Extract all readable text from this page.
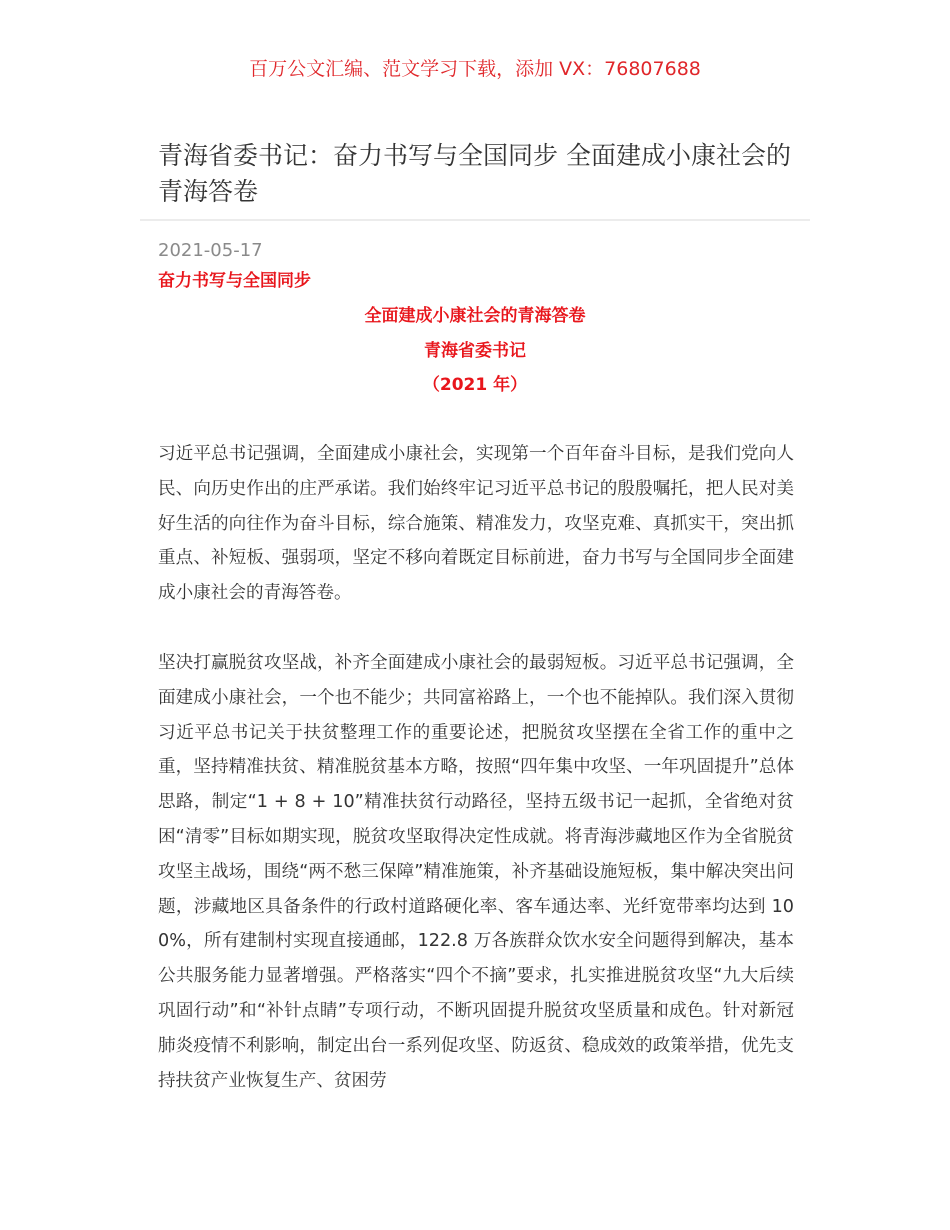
百万公文汇编、范文学习下载，添加 VX：76807688
青海省委书记：奋力书写与全国同步 全面建成小康社会的青海答卷
2021-05-17
奋力书写与全国同步
全面建成小康社会的青海答卷
青海省委书记
（2021 年）

习近平总书记强调，全面建成小康社会，实现第一个百年奋斗目标，是我们党向人民、向历史作出的庄严承诺。我们始终牢记习近平总书记的殷殷嘱托，把人民对美好生活的向往作为奋斗目标，综合施策、精准发力，攻坚克难、真抓实干，突出抓重点、补短板、强弱项，坚定不移向着既定目标前进，奋力书写与全国同步全面建成小康社会的青海答卷。

坚决打赢脱贫攻坚战，补齐全面建成小康社会的最弱短板。习近平总书记强调，全面建成小康社会，一个也不能少；共同富裕路上，一个也不能掉队。我们深入贯彻习近平总书记关于扶贫整理工作的重要论述，把脱贫攻坚摆在全省工作的重中之重，坚持精准扶贫、精准脱贫基本方略，按照“四年集中攻坚、一年巩固提升”总体思路，制定“1 + 8 + 10”精准扶贫行动路径，坚持五级书记一起抓，全省绝对贫困“清零”目标如期实现，脱贫攻坚取得决定性成就。将青海涉藏地区作为全省脱贫攻坚主战场，围绕“两不愁三保障”精准施策，补齐基础设施短板，集中解决突出问题，涉藏地区具备条件的行政村道路硬化率、客车通达率、光纤宽带率均达到 100%，所有建制村实现直接通邮，122.8 万各族群众饮水安全问题得到解决，基本公共服务能力显著增强。严格落实“四个不摘”要求，扎实推进脱贫攻坚“九大后续巩固行动”和“补针点睛”专项行动，不断巩固提升脱贫攻坚质量和成色。针对新冠肺炎疫情不利影响，制定出台一系列促攻坚、防返贫、稳成效的政策举措，优先支持扶贫产业恢复生产、贫困劳
